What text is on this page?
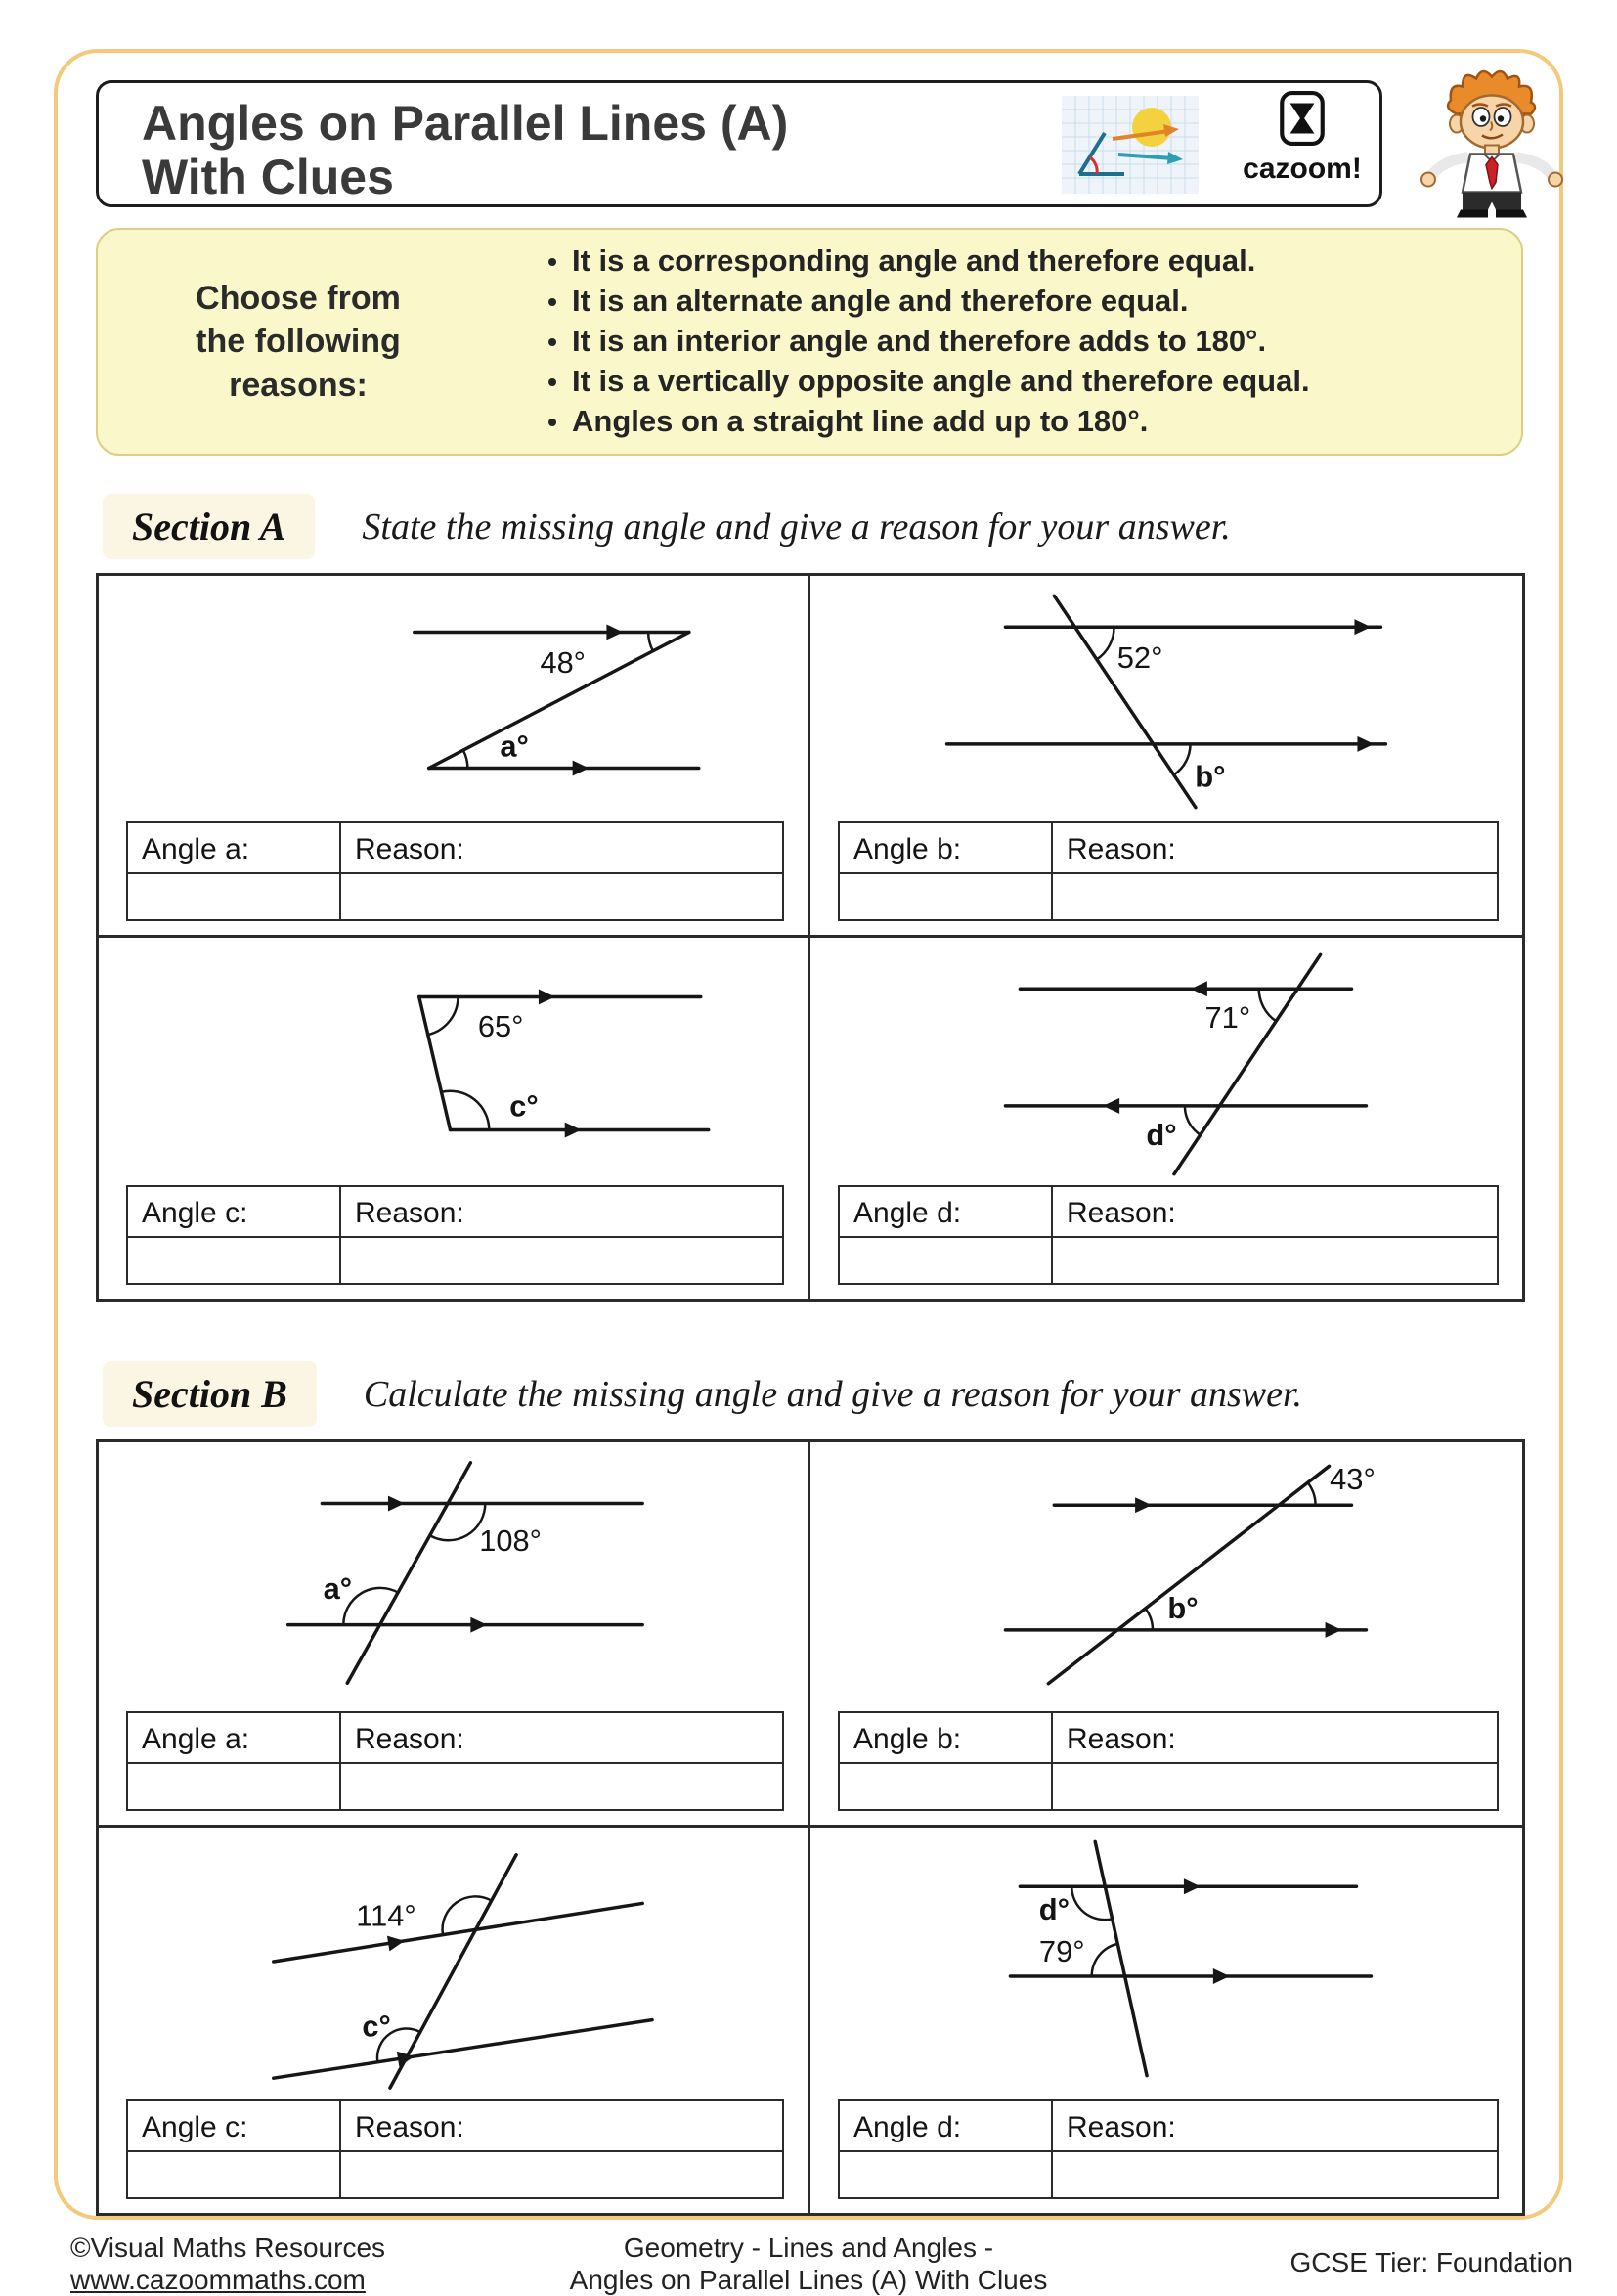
Angles on Parallel Lines (A)
With Clues	cazoom!
Choose from
the following
reasons:
• It is a corresponding angle and therefore equal.
• It is an alternate angle and therefore equal.
• It is an interior angle and therefore adds to 180°.
• It is a vertically opposite angle and therefore equal.
• Angles on a straight line add up to 180°.
Section A	State the missing angle and give a reason for your answer.
48°
a°
Angle a:	Reason:
52°
b°
Angle b:	Reason:
65°
c°
Angle c:	Reason:
71°
d°
Angle d:	Reason:
Section B	Calculate the missing angle and give a reason for your answer.
108°
a°
Angle a:	Reason:
43°
b°
Angle b:	Reason:
114°
c°
Angle c:	Reason:
d°
79°
Angle d:	Reason:
©Visual Maths Resources
www.cazoommaths.com
Geometry - Lines and Angles -
Angles on Parallel Lines (A) With Clues
GCSE Tier: Foundation
